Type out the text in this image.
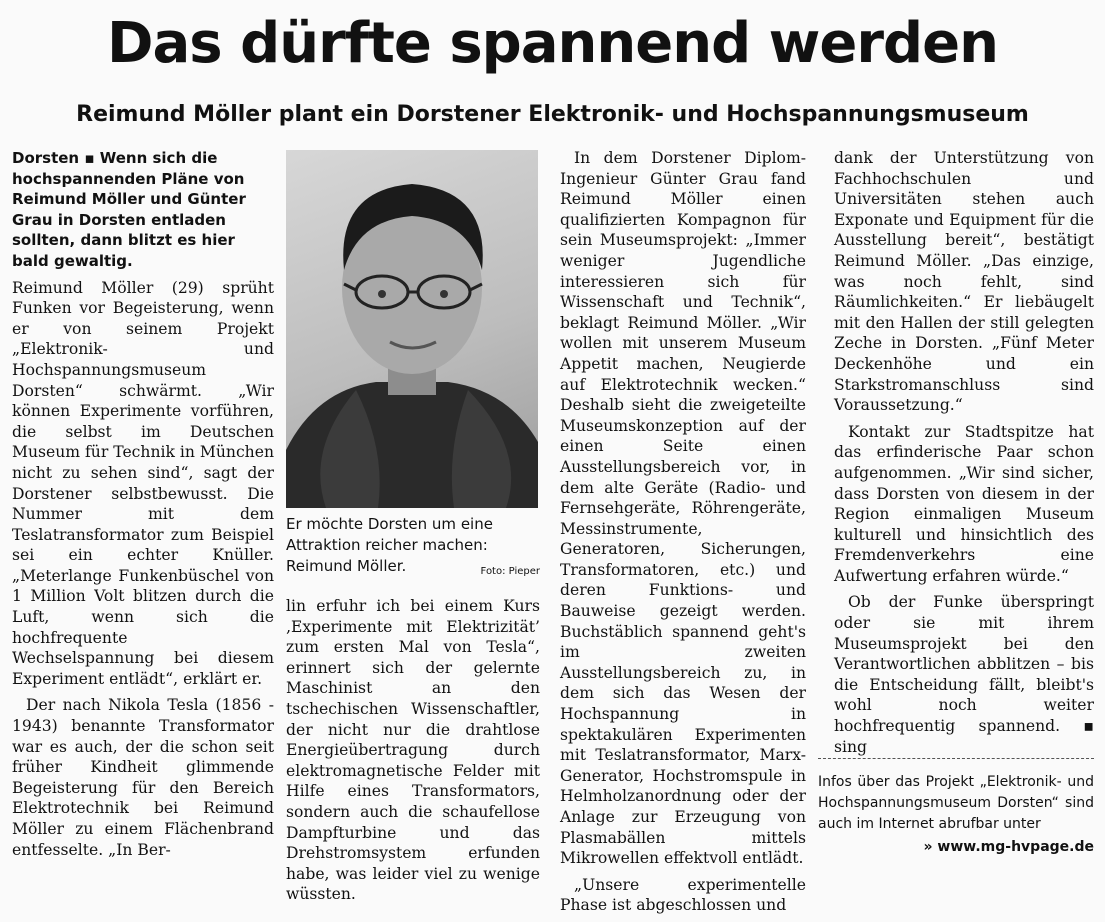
Das dürfte spannend werden
Reimund Möller plant ein Dorstener Elektronik- und Hochspannungsmuseum

Dorsten ▪ Wenn sich die hochspannenden Pläne von Reimund Möller und Günter Grau in Dorsten entladen sollten, dann blitzt es hier bald gewaltig.

Reimund Möller (29) sprüht Funken vor Begeisterung, wenn er von seinem Projekt „Elektronik- und Hochspannungsmuseum Dorsten“ schwärmt. „Wir können Experimente vorführen, die selbst im Deutschen Museum für Technik in München nicht zu sehen sind“, sagt der Dorstener selbstbewusst. Die Nummer mit dem Teslatransformator zum Beispiel sei ein echter Knüller. „Meterlange Funkenbüschel von 1 Million Volt blitzen durch die Luft, wenn sich die hochfrequente Wechselspannung bei diesem Experiment entlädt“, erklärt er.

Der nach Nikola Tesla (1856 - 1943) benannte Transformator war es auch, der die schon seit früher Kindheit glimmende Begeisterung für den Bereich Elektrotechnik bei Reimund Möller zu einem Flächenbrand entfesselte. „In Ber-

Er möchte Dorsten um eine Attraktion reicher machen: Reimund Möller.	Foto: Pieper

lin erfuhr ich bei einem Kurs ‚Experimente mit Elektrizität’ zum ersten Mal von Tesla“, erinnert sich der gelernte Maschinist an den tschechischen Wissenschaftler, der nicht nur die drahtlose Energieübertragung durch elektromagnetische Felder mit Hilfe eines Transformators, sondern auch die schaufellose Dampfturbine und das Drehstromsystem erfunden habe, was leider viel zu wenige wüssten.

In dem Dorstener Diplom-Ingenieur Günter Grau fand Reimund Möller einen qualifizierten Kompagnon für sein Museumsprojekt: „Immer weniger Jugendliche interessieren sich für Wissenschaft und Technik“, beklagt Reimund Möller. „Wir wollen mit unserem Museum Appetit machen, Neugierde auf Elektrotechnik wecken.“ Deshalb sieht die zweigeteilte Museumskonzeption auf der einen Seite einen Ausstellungsbereich vor, in dem alte Geräte (Radio- und Fernsehgeräte, Röhrengeräte, Messinstrumente, Generatoren, Sicherungen, Transformatoren, etc.) und deren Funktions- und Bauweise gezeigt werden. Buchstäblich spannend geht's im zweiten Ausstellungsbereich zu, in dem sich das Wesen der Hochspannung in spektakulären Experimenten mit Teslatransformator, Marx-Generator, Hochstromspule in Helmholzanordnung oder der Anlage zur Erzeugung von Plasmabällen mittels Mikrowellen effektvoll entlädt.

„Unsere experimentelle Phase ist abgeschlossen und

dank der Unterstützung von Fachhochschulen und Universitäten stehen auch Exponate und Equipment für die Ausstellung bereit“, bestätigt Reimund Möller. „Das einzige, was noch fehlt, sind Räumlichkeiten.“ Er liebäugelt mit den Hallen der still gelegten Zeche in Dorsten. „Fünf Meter Deckenhöhe und ein Starkstromanschluss sind Voraussetzung.“

Kontakt zur Stadtspitze hat das erfinderische Paar schon aufgenommen. „Wir sind sicher, dass Dorsten von diesem in der Region einmaligen Museum kulturell und hinsichtlich des Fremdenverkehrs eine Aufwertung erfahren würde.“

Ob der Funke überspringt oder sie mit ihrem Museumsprojekt bei den Verantwortlichen abblitzen – bis die Entscheidung fällt, bleibt's wohl noch weiter hochfrequentig spannend. ▪ sing

Infos über das Projekt „Elektronik- und Hochspannungsmuseum Dorsten“ sind auch im Internet abrufbar unter
» www.mg-hvpage.de
